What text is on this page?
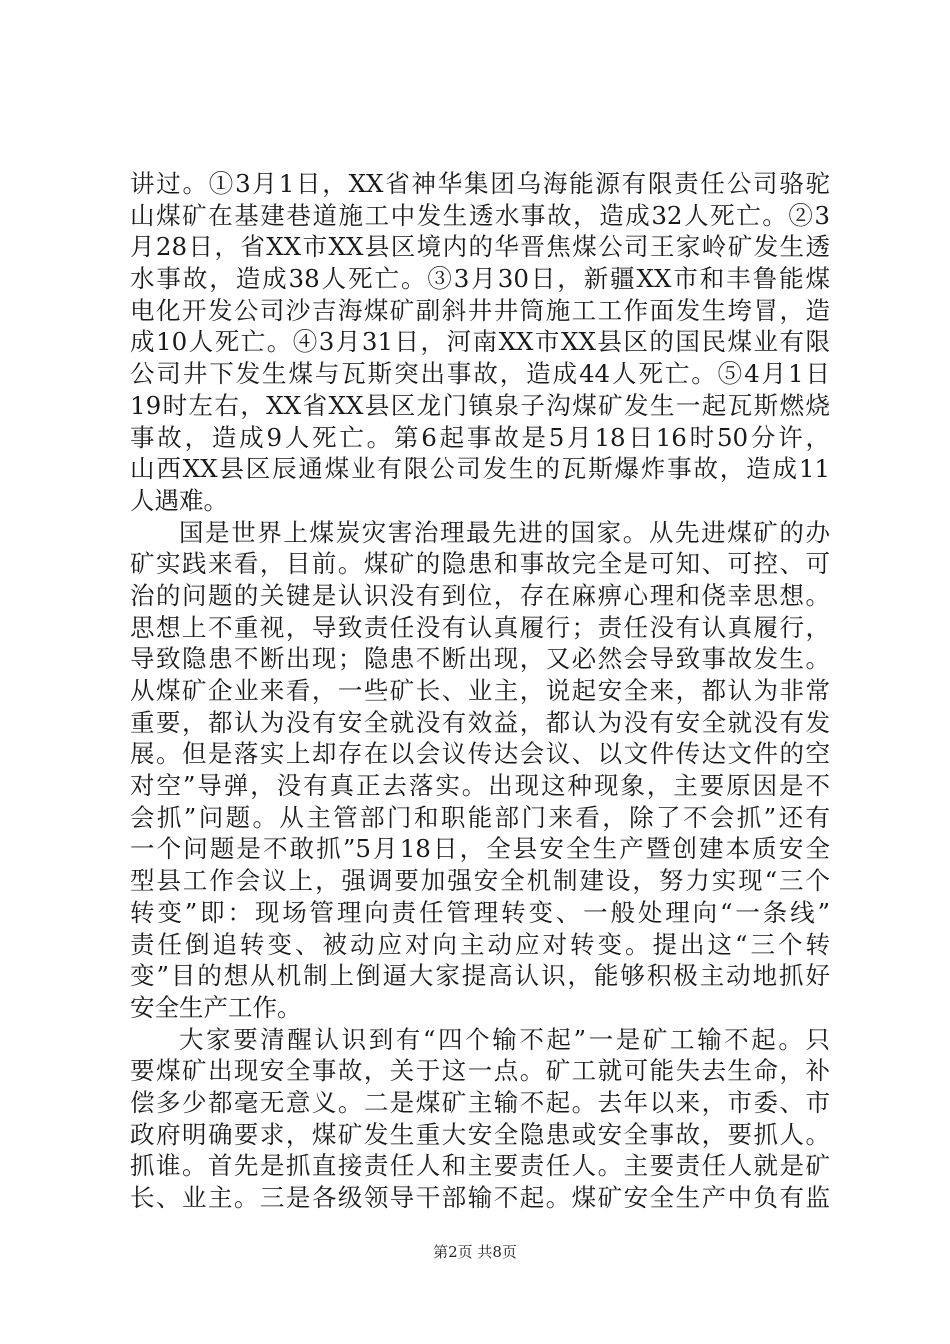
讲过。①3月1日，XX省神华集团乌海能源有限责任公司骆驼
山煤矿在基建巷道施工中发生透水事故，造成32人死亡。②3
月28日，省XX市XX县区境内的华晋焦煤公司王家岭矿发生透
水事故，造成38人死亡。③3月30日，新疆XX市和丰鲁能煤
电化开发公司沙吉海煤矿副斜井井筒施工工作面发生垮冒，造
成10人死亡。④3月31日，河南XX市XX县区的国民煤业有限
公司井下发生煤与瓦斯突出事故，造成44人死亡。⑤4月1日
19时左右，XX省XX县区龙门镇泉子沟煤矿发生一起瓦斯燃烧
事故，造成9人死亡。第6起事故是5月18日16时50分许，
山西XX县区辰通煤业有限公司发生的瓦斯爆炸事故，造成11
人遇难。
国是世界上煤炭灾害治理最先进的国家。从先进煤矿的办
矿实践来看，目前。煤矿的隐患和事故完全是可知、可控、可
治的问题的关键是认识没有到位，存在麻痹心理和侥幸思想。
思想上不重视，导致责任没有认真履行；责任没有认真履行，
导致隐患不断出现；隐患不断出现，又必然会导致事故发生。
从煤矿企业来看，一些矿长、业主，说起安全来，都认为非常
重要，都认为没有安全就没有效益，都认为没有安全就没有发
展。但是落实上却存在以会议传达会议、以文件传达文件的空
对空”导弹，没有真正去落实。出现这种现象，主要原因是不
会抓”问题。从主管部门和职能部门来看，除了不会抓”还有
一个问题是不敢抓”5月18日，全县安全生产暨创建本质安全
型县工作会议上，强调要加强安全机制建设，努力实现“三个
转变”即：现场管理向责任管理转变、一般处理向“一条线”
责任倒追转变、被动应对向主动应对转变。提出这“三个转
变”目的想从机制上倒逼大家提高认识，能够积极主动地抓好
安全生产工作。
大家要清醒认识到有“四个输不起”一是矿工输不起。只
要煤矿出现安全事故，关于这一点。矿工就可能失去生命，补
偿多少都毫无意义。二是煤矿主输不起。去年以来，市委、市
政府明确要求，煤矿发生重大安全隐患或安全事故，要抓人。
抓谁。首先是抓直接责任人和主要责任人。主要责任人就是矿
长、业主。三是各级领导干部输不起。煤矿安全生产中负有监
第2页 共8页
